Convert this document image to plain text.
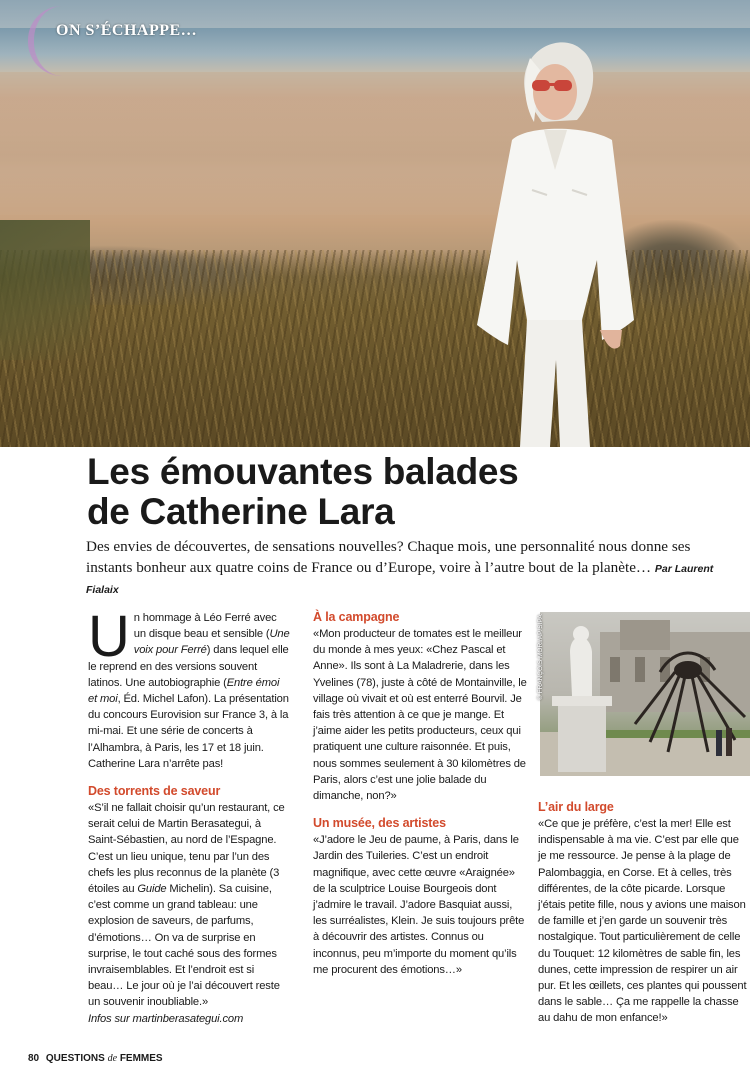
ON S’ÉCHAPPE…
Les émouvantes balades
de Catherine Lara

Des envies de découvertes, de sensations nouvelles? Chaque mois, une personnalité nous donne ses instants bonheur aux quatre coins de France ou d’Europe, voire à l’autre bout de la planète… Par Laurent Fialaix

Un hommage à Léo Ferré avec un disque beau et sensible (Une voix pour Ferré) dans lequel elle le reprend en des versions souvent latinos. Une autobiographie (Entre émoi et moi, Éd. Michel Lafon). La présentation du concours Eurovision sur France 3, à la mi-mai. Et une série de concerts à l’Alhambra, à Paris, les 17 et 18 juin. Catherine Lara n’arrête pas!

Des torrents de saveur

«S’il ne fallait choisir qu’un restaurant, ce serait celui de Martin Berasategui, à Saint-Sébastien, au nord de l’Espagne. C’est un lieu unique, tenu par l’un des chefs les plus reconnus de la planète (3 étoiles au Guide Michelin). Sa cuisine, c’est comme un grand tableau: une explosion de saveurs, de parfums, d’émotions… On va de surprise en surprise, le tout caché sous des formes invraisemblables. Et l’endroit est si beau… Le jour où je l’ai découvert reste un souvenir inoubliable.»

Infos sur martinberasategui.com

À la campagne

«Mon producteur de tomates est le meilleur du monde à mes yeux: «Chez Pascal et Anne». Ils sont à La Maladrerie, dans les Yvelines (78), juste à côté de Montainville, le village où vivait et où est enterré Bourvil. Je fais très attention à ce que je mange. Et j’aime aider les petits producteurs, ceux qui pratiquent une culture raisonnée. Et puis, nous sommes seulement à 30 kilomètres de Paris, alors c’est une jolie balade du dimanche, non?»

Un musée, des artistes

«J’adore le Jeu de paume, à Paris, dans le Jardin des Tuileries. C’est un endroit magnifique, avec cette œuvre «Araignée» de la sculptrice Louise Bourgeois dont j’admire le travail. J’adore Basquiat aussi, les surréalistes, Klein. Je suis toujours prête à découvrir des artistes. Connus ou inconnus, peu m’importe du moment qu’ils me procurent des émotions…»

© FRANÇOIS MORI/AP/SIPA
L’air du large

«Ce que je préfère, c’est la mer! Elle est indispensable à ma vie. C’est par elle que je me ressource. Je pense à la plage de Palombaggia, en Corse. Et à celles, très différentes, de la côte picarde. Lorsque j’étais petite fille, nous y avions une maison de famille et j’en garde un souvenir très nostalgique. Tout particulièrement de celle du Touquet: 12 kilomètres de sable fin, les dunes, cette impression de respirer un air pur. Et les œillets, ces plantes qui poussent dans le sable… Ça me rappelle la chasse au dahu de mon enfance!»

80 QUESTIONS de FEMMES
